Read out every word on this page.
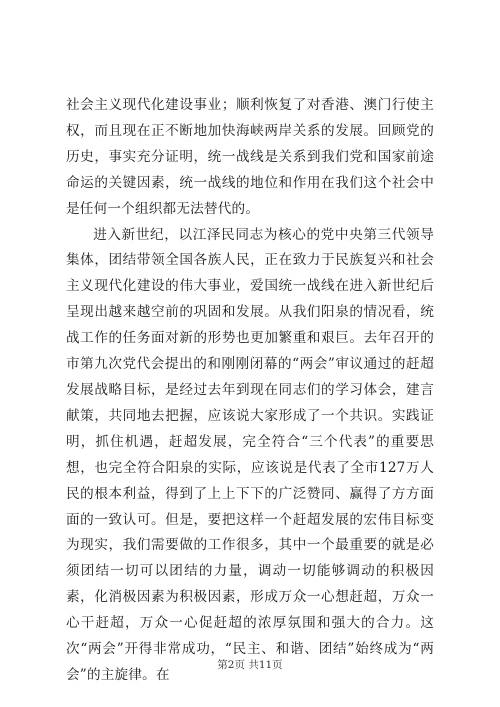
社会主义现代化建设事业；顺利恢复了对香港、澳门行使主权，而且现在正不断地加快海峡两岸关系的发展。回顾党的历史，事实充分证明，统一战线是关系到我们党和国家前途命运的关键因素，统一战线的地位和作用在我们这个社会中是任何一个组织都无法替代的。

进入新世纪，以江泽民同志为核心的党中央第三代领导集体，团结带领全国各族人民，正在致力于民族复兴和社会主义现代化建设的伟大事业，爱国统一战线在进入新世纪后呈现出越来越空前的巩固和发展。从我们阳泉的情况看，统战工作的任务面对新的形势也更加繁重和艰巨。去年召开的市第九次党代会提出的和刚刚闭幕的“两会”审议通过的赶超发展战略目标，是经过去年到现在同志们的学习体会，建言献策，共同地去把握，应该说大家形成了一个共识。实践证明，抓住机遇，赶超发展，完全符合“三个代表”的重要思想，也完全符合阳泉的实际，应该说是代表了全市127万人民的根本利益，得到了上上下下的广泛赞同、赢得了方方面面的一致认可。但是，要把这样一个赶超发展的宏伟目标变为现实，我们需要做的工作很多，其中一个最重要的就是必须团结一切可以团结的力量，调动一切能够调动的积极因素，化消极因素为积极因素，形成万众一心想赶超，万众一心干赶超，万众一心促赶超的浓厚氛围和强大的合力。这次“两会”开得非常成功，“民主、和谐、团结”始终成为“两会”的主旋律。在

第2页 共11页
